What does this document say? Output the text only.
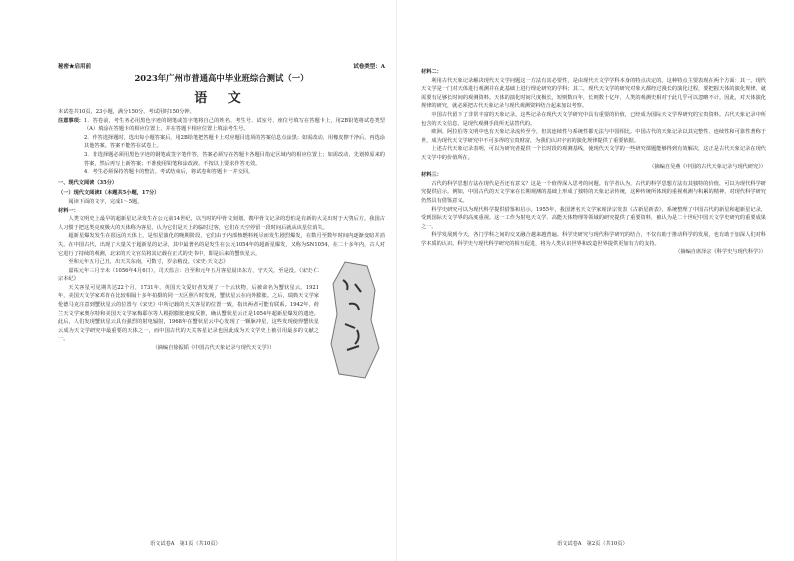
秘密★启用前	试卷类型：A
2023年广州市普通高中毕业班综合测试（一）
语 文
本试卷共10页，23小题，满分150分。考试用时150分钟。
注意事项： 1．答卷前，考生务必用黑色字迹的钢笔或签字笔将自己的姓名、考生号、试室号、座位号填写在答题卡上，用2B铅笔将试卷类型（A）填涂在答题卡的相应位置上，并在答题卡相应位置上填涂考生号。
2．作答选择题时，选出每小题答案后，用2B铅笔把答题卡上对应题目选项的答案信息点涂黑；如需改动，用橡皮擦干净后，再选涂其他答案。答案不能答在试卷上。
3．非选择题必须用黑色字迹的钢笔或签字笔作答，答案必须写在答题卡各题目指定区域内的相应位置上；如需改动，先划掉原来的答案，然后再写上新答案；不准使用铅笔和涂改液。不按以上要求作答无效。
4．考生必须保持答题卡的整洁。考试结束后，将试卷和答题卡一并交回。
一、现代文阅读（35分）
（一）现代文阅读Ⅰ（本题共5小题，17分）

阅读下面的文字，完成1～5题。

材料一：

人类文明史上最早的超新星记录发生在公元前14世纪，以当时的甲骨文刻划，镌甲骨文记录的恐怕是有新的大灵出时于大鸮后方。我国古人习惯于把这类亮度极大的天体称为客星，认为它们是天上的临时过客，它们在天空停留一段时间后就从该星位消失。

超新星爆发发生在很远的天体上，是恒星演化的晚期阶段，它们由于内部核燃料耗尽而发生剧烈爆发，在数月至数年时间内逐渐变暗并消失。在中国古代，出现了大量关于超新星的记录，其中最著名的是发生在公元1054年的超新星爆发，又称为SN1054，在二十多年内，古人对它进行了持续的观测，北宋的天文官员将其记载在正式的史书中，即是后来的蟹状星云。

至和元年五月己丑，出天关东南，可数寸，岁余稍没。《宋史·天文志》

嘉祐元年三月辛未（1056年4月6日），司天监言：自至和元年五月客星晨出东方，守天关，至是没。《宋史·仁宗本纪》

天关客星可见期共达22个月，1731年，英国天文爱好者发现了一个云状物，后被命名为蟹状星云。1921年，美国天文学家邓肯在比较相隔十多年拍摄的同一天区照片时发现，蟹状星云在向外膨胀。之后，瑞典天文学家伦德马克注意到蟹状星云的位置与《宋史》中所记载的天关客星的位置一致，指出两者可能有联系。1942年，荷兰天文学家奥尔特和美国天文学家梅耶尔等人根据膨胀速度反推，确认蟹状星云正是1054年超新星爆发的遗迹。此后，人们发现蟹状星云具有强烈的射电辐射，1968年在蟹状星云中心发现了一颗脉冲星，这些发现使得蟹状星云成为天文学研究中最重要的天体之一，而中国古代的天关客星记录也因此成为天文学史上被引用最多的文献之一。

（摘编自徐振韬《中国古代天象记录与现代天文学》）
语文试卷A　第1页（共10页）
材料二：

利用古代天象记录解决现代天文学问题这一方法有其必要性，是由现代天文学学科本身的特点决定的。这种特点主要表现在两个方面：其一，现代天文学是一门对天体进行观测并在此基础上进行理论研究的学科；其二，现代天文学的研究对象大都经过漫长的演化过程，要把握天体的演化规律，就需要有足够长时间的观测资料。天体的演化时间尺度极长，短则数百年，长则数十亿年，人类的观测史相对于此几乎可以忽略不计。因此，对天体演化规律的研究，就必须把古代天象记录与现代观测资料结合起来加以考察。

中国古代留下了非常丰富的天象记录。这些记录在现代天文学研究中具有重要的价值，已经成为国际天文学界研究的宝贵资料。古代天象记录中所包含的天文信息，是现代观测手段所无法替代的。

欧洲、阿拉伯等文明中也有天象记录流传至今，但其连续性与系统性都无法与中国相比。中国古代的天象记录以其完整性、连续性和可靠性著称于世，成为现代天文学研究中不可多得的宝贵财富，为我们认识宇宙的演化规律提供了重要依据。

上述古代天象记录表明，可以为研究者提供一个长时段的观测基线，使现代天文学的一些研究课题能够得到有效解决，这正是古代天象记录在现代天文学中的价值所在。

（摘编自吴燕《中国的古代天象记录与现代研究》）
材料三：

古代的科学思想方法在现代是否还有意义？这是一个值得深入思考的问题。有学者认为，古代的科学思想方法有其独特的价值，可以为现代科学研究提供启示。例如，中国古代的天文学家在长期观测的基础上形成了独特的天象记录传统，这种传统所体现的重视观测与积累的精神，对现代科学研究仍然具有借鉴意义。

科学史研究可以为现代科学提供借鉴和启示。1955年，我国著名天文学家席泽宗发表《古新星新表》，系统整理了中国古代的新星和超新星记录，受到国际天文学界的高度重视。这一工作为射电天文学、高能天体物理等领域的研究提供了重要资料，被认为是二十世纪中国天文学史研究的重要成果之一。

科学发展到今天，各门学科之间的交叉融合越来越普遍。科学史研究与现代科学研究的结合，不仅有助于推动科学的发展，也有助于加深人们对科学本质的认识。科学史与现代科学研究的相互促进，将为人类认识世界和改造世界提供更加有力的支持。

（摘编自席泽宗《科学史与现代科学》）
语文试卷A　第2页（共10页）
